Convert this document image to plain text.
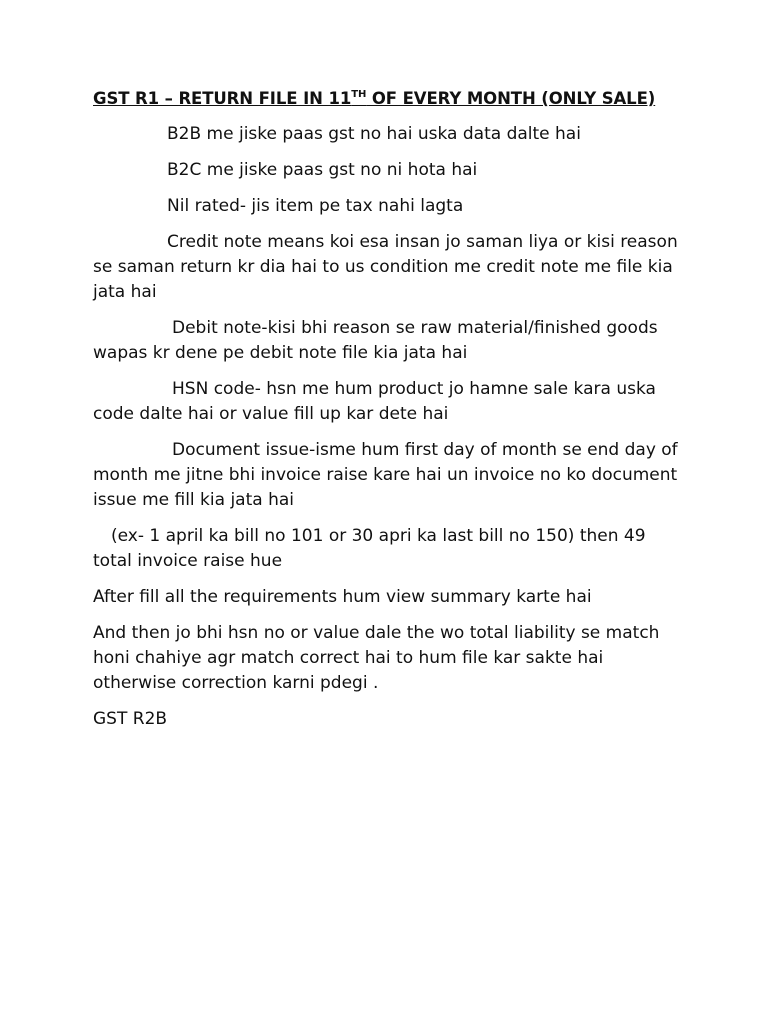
GST R1 – RETURN FILE IN 11TH OF EVERY MONTH (ONLY SALE)

B2B me jiske paas gst no hai uska data dalte hai

B2C me jiske paas gst no ni hota hai

Nil rated- jis item pe tax nahi lagta

Credit note means koi esa insan jo saman liya or kisi reason se saman return kr dia hai to us condition me credit note me file kia jata hai

Debit note-kisi bhi reason se raw material/finished goods wapas kr dene pe debit note file kia jata hai

HSN code- hsn me hum product jo hamne sale kara uska code dalte hai or value fill up kar dete hai

Document issue-isme hum first day of month se end day of month me jitne bhi invoice raise kare hai un invoice no ko document issue me fill kia jata hai

(ex- 1 april ka bill no 101 or 30 apri ka last bill no 150) then 49 total invoice raise hue

After fill all the requirements hum view summary karte hai

And then jo bhi hsn no or value dale the wo total liability se match honi chahiye agr match correct hai to hum file kar sakte hai otherwise correction karni pdegi .

GST R2B
